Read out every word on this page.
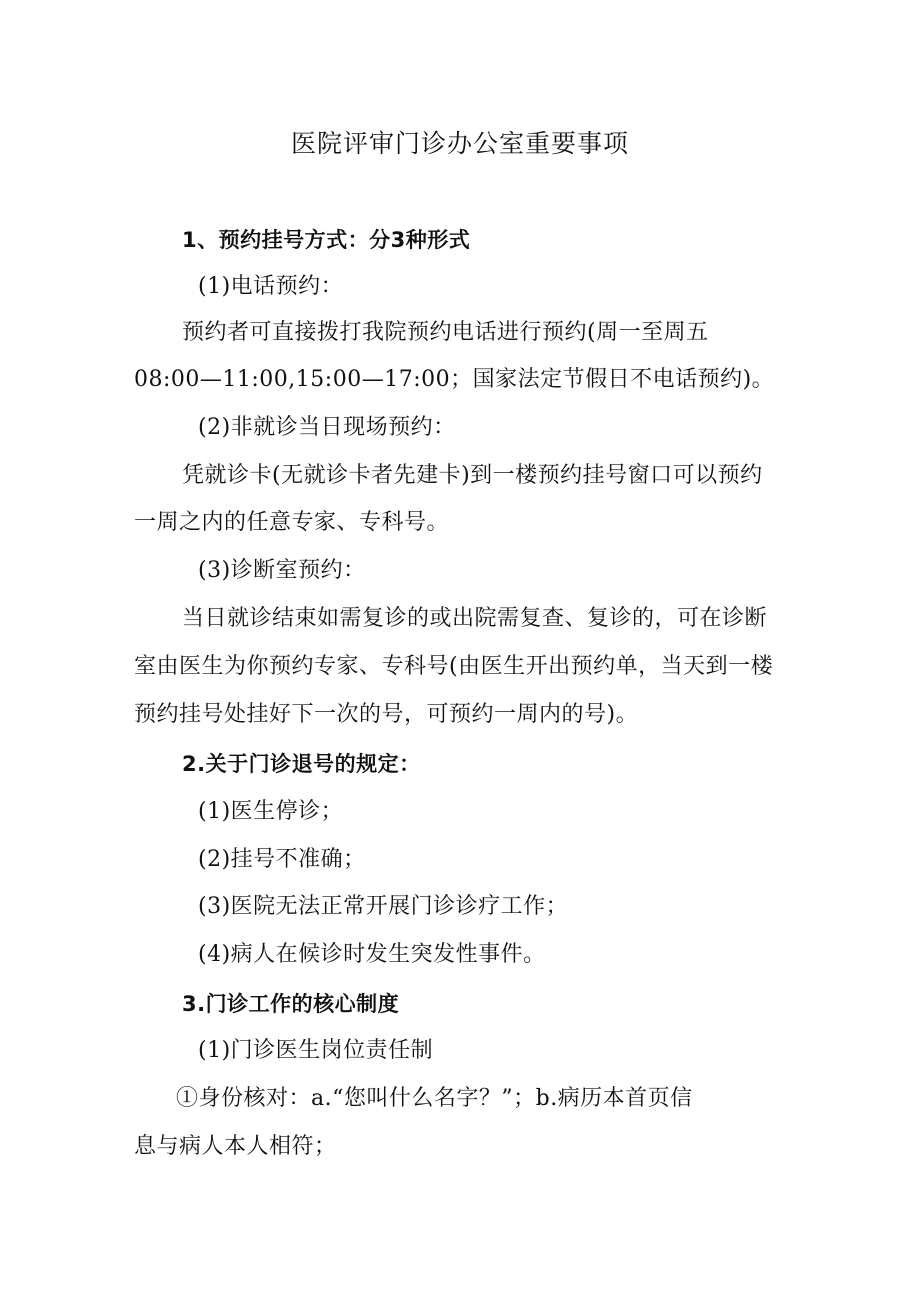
医院评审门诊办公室重要事项
1、预约挂号方式：分3种形式
(1)电话预约：
预约者可直接拨打我院预约电话进行预约(周一至周五
08:00—11:00,15:00—17:00；国家法定节假日不电话预约)。
(2)非就诊当日现场预约：
凭就诊卡(无就诊卡者先建卡)到一楼预约挂号窗口可以预约
一周之内的任意专家、专科号。
(3)诊断室预约：
当日就诊结束如需复诊的或出院需复查、复诊的，可在诊断
室由医生为你预约专家、专科号(由医生开出预约单，当天到一楼
预约挂号处挂好下一次的号，可预约一周内的号)。
2.关于门诊退号的规定：
(1)医生停诊；
(2)挂号不准确；
(3)医院无法正常开展门诊诊疗工作；
(4)病人在候诊时发生突发性事件。
3.门诊工作的核心制度
(1)门诊医生岗位责任制
①身份核对：a.“您叫什么名字？”；b.病历本首页信
息与病人本人相符；
